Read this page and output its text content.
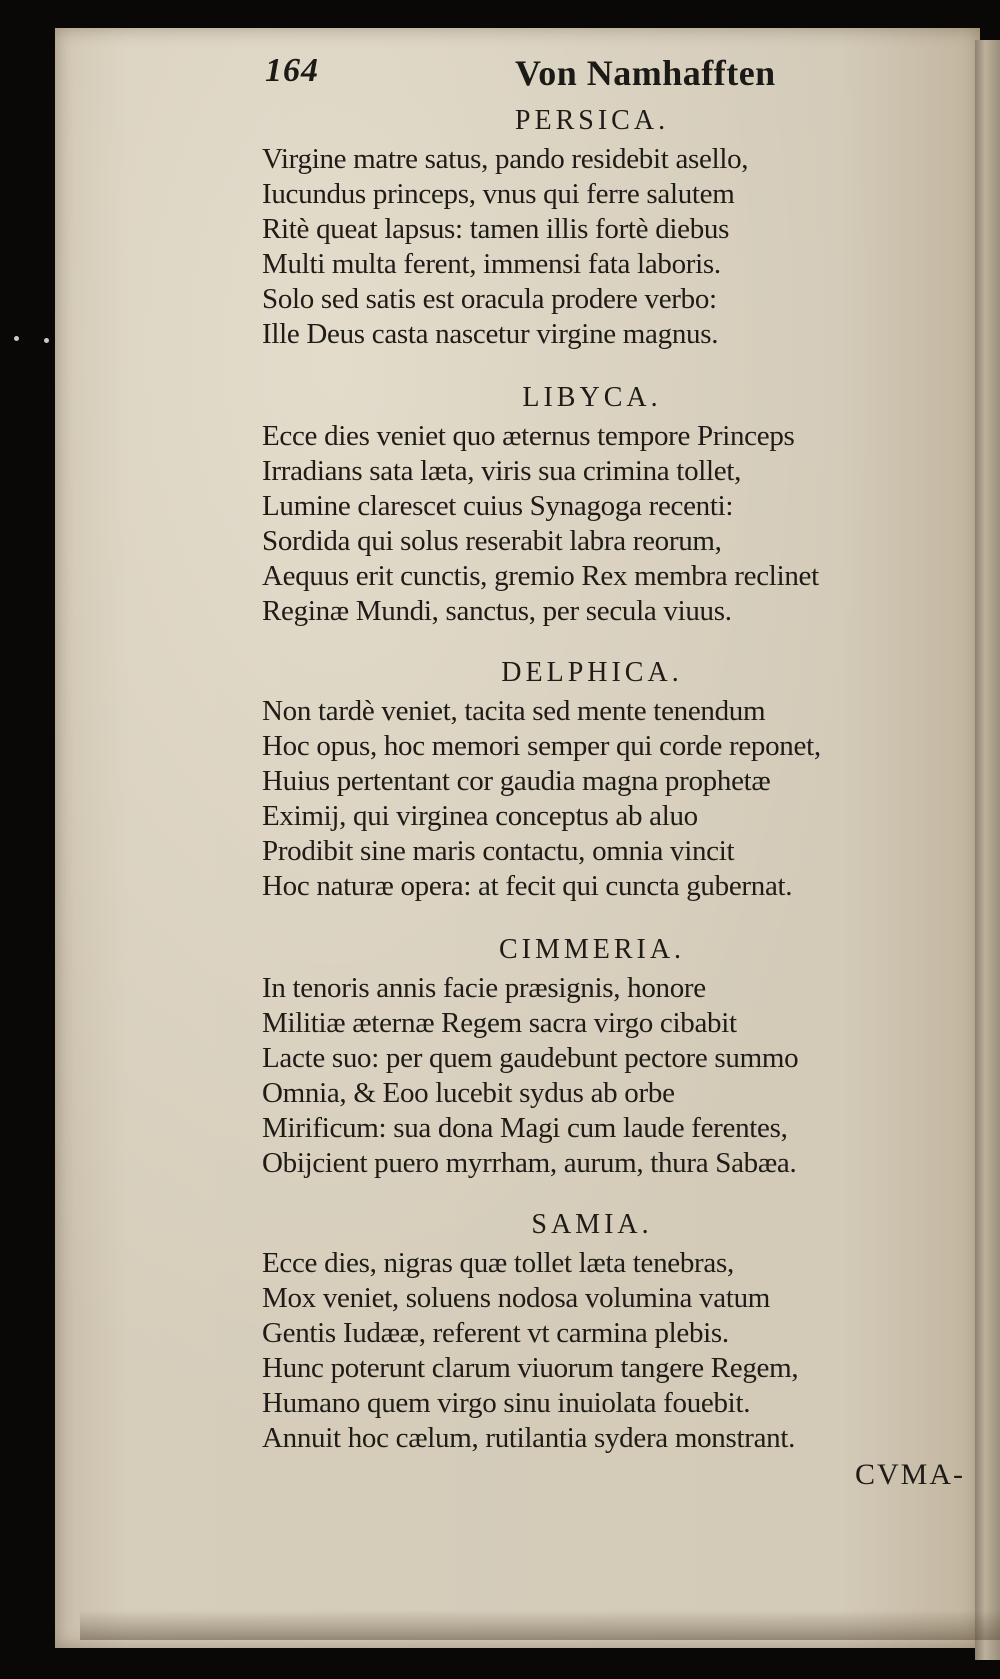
164	Von Namhafften
PERSICA.
Virgine matre satus, pando residebit asello,
Iucundus princeps, vnus qui ferre salutem
Ritè queat lapsus: tamen illis fortè diebus
Multi multa ferent, immensi fata laboris.
Solo sed satis est oracula prodere verbo:
Ille Deus casta nascetur virgine magnus.
LIBYCA.
Ecce dies veniet quo æternus tempore Princeps
Irradians sata læta, viris sua crimina tollet,
Lumine clarescet cuius Synagoga recenti:
Sordida qui solus reserabit labra reorum,
Aequus erit cunctis, gremio Rex membra reclinet
Reginæ Mundi, sanctus, per secula viuus.
DELPHICA.
Non tardè veniet, tacita sed mente tenendum
Hoc opus, hoc memori semper qui corde reponet,
Huius pertentant cor gaudia magna prophetæ
Eximij, qui virginea conceptus ab aluo
Prodibit sine maris contactu, omnia vincit
Hoc naturæ opera: at fecit qui cuncta gubernat.
CIMMERIA.
In tenoris annis facie præsignis, honore
Militiæ æternæ Regem sacra virgo cibabit
Lacte suo: per quem gaudebunt pectore summo
Omnia, & Eoo lucebit sydus ab orbe
Mirificum: sua dona Magi cum laude ferentes,
Obijcient puero myrrham, aurum, thura Sabæa.
SAMIA.
Ecce dies, nigras quæ tollet læta tenebras,
Mox veniet, soluens nodosa volumina vatum
Gentis Iudææ, referent vt carmina plebis.
Hunc poterunt clarum viuorum tangere Regem,
Humano quem virgo sinu inuiolata fouebit.
Annuit hoc cælum, rutilantia sydera monstrant.
CVMA-
